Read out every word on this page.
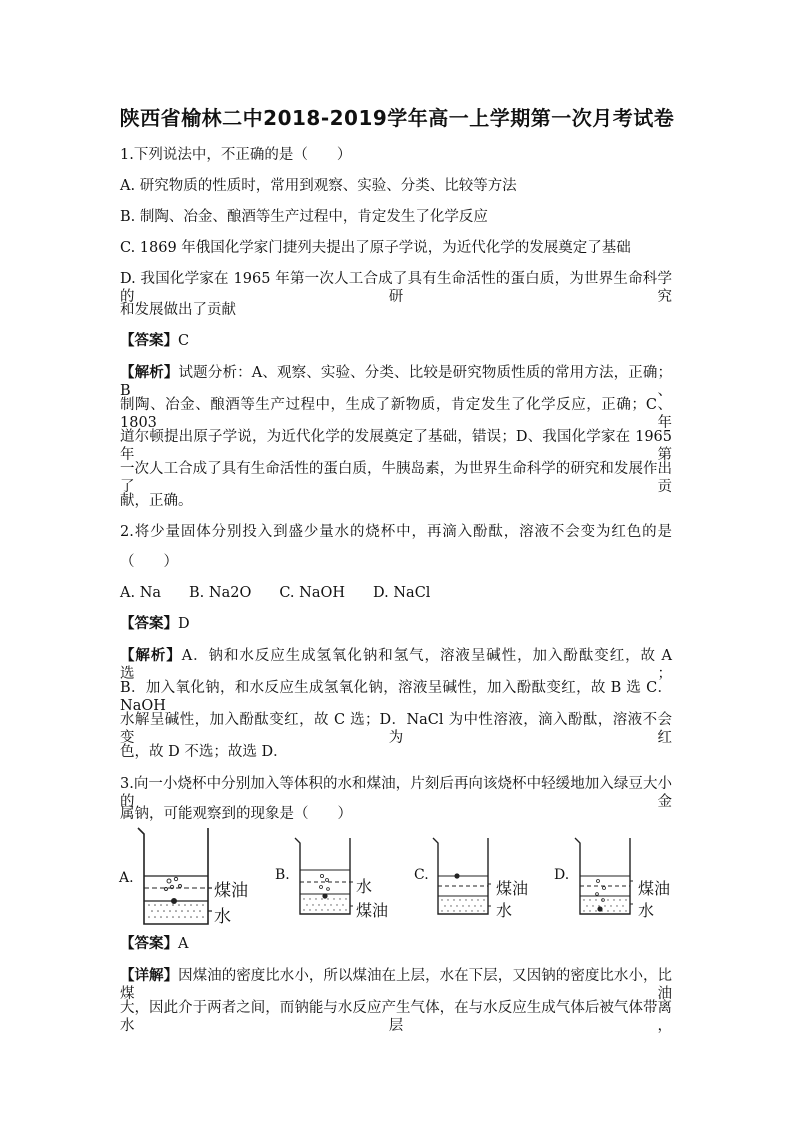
陕西省榆林二中2018-2019学年高一上学期第一次月考试卷
1.下列说法中，不正确的是（　　）
A. 研究物质的性质时，常用到观察、实验、分类、比较等方法
B. 制陶、冶金、酿酒等生产过程中，肯定发生了化学反应
C. 1869 年俄国化学家门捷列夫提出了原子学说，为近代化学的发展奠定了基础
D. 我国化学家在 1965 年第一次人工合成了具有生命活性的蛋白质，为世界生命科学的研究
和发展做出了贡献
【答案】C
【解析】试题分析：A、观察、实验、分类、比较是研究物质性质的常用方法，正确；B、
制陶、冶金、酿酒等生产过程中，生成了新物质，肯定发生了化学反应，正确；C、1803 年
道尔顿提出原子学说，为近代化学的发展奠定了基础，错误；D、我国化学家在 1965 年第
一次人工合成了具有生命活性的蛋白质，牛胰岛素，为世界生命科学的研究和发展作出了贡
献，正确。
2.将少量固体分别投入到盛少量水的烧杯中，再滴入酚酞，溶液不会变为红色的是
（　　）
A. Na B. Na2O C. NaOH D. NaCl
【答案】D
【解析】A．钠和水反应生成氢氧化钠和氢气，溶液呈碱性，加入酚酞变红，故 A 选；
B．加入氧化钠，和水反应生成氢氧化钠，溶液呈碱性，加入酚酞变红，故 B 选 C．NaOH
水解呈碱性，加入酚酞变红，故 C 选；D．NaCl 为中性溶液，滴入酚酞，溶液不会变为红
色，故 D 不选；故选 D．
3.向一小烧杯中分别加入等体积的水和煤油，片刻后再向该烧杯中轻缓地加入绿豆大小的金
属钠，可能观察到的现象是（　　）
A.
煤油
水
B.
水
煤油
C.
煤油
水
D.
煤油
水
【答案】A
【详解】因煤油的密度比水小，所以煤油在上层，水在下层，又因钠的密度比水小，比煤油
大，因此介于两者之间，而钠能与水反应产生气体，在与水反应生成气体后被气体带离水层，
